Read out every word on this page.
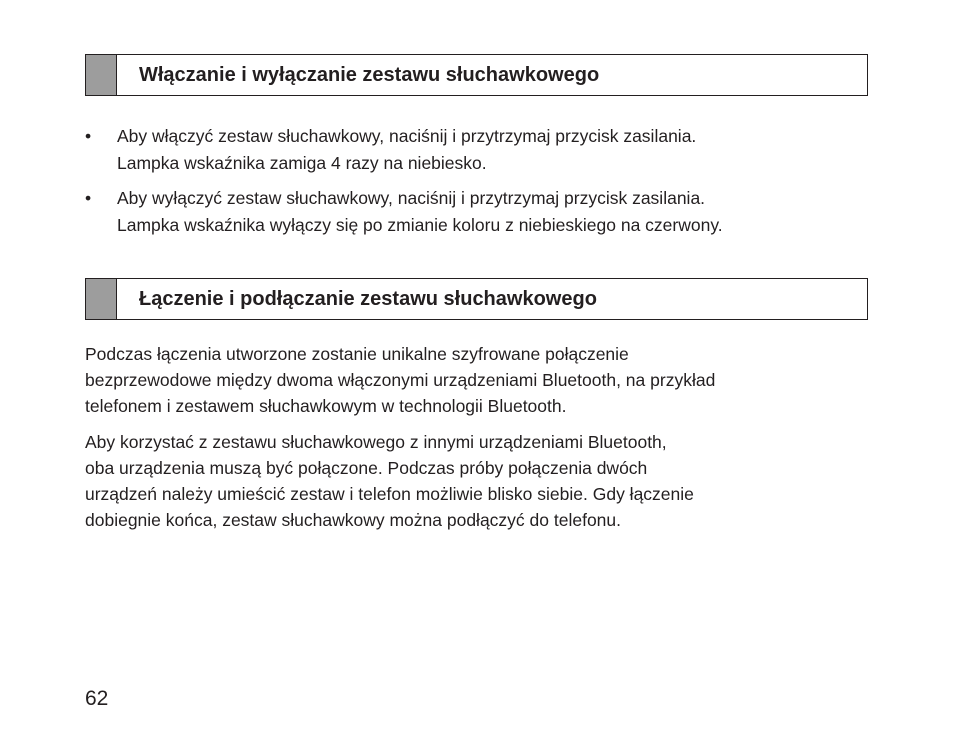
Włączanie i wyłączanie zestawu słuchawkowego
• Aby włączyć zestaw słuchawkowy, naciśnij i przytrzymaj przycisk zasilania.
Lampka wskaźnika zamiga 4 razy na niebiesko.
• Aby wyłączyć zestaw słuchawkowy, naciśnij i przytrzymaj przycisk zasilania.
Lampka wskaźnika wyłączy się po zmianie koloru z niebieskiego na czerwony.
Łączenie i podłączanie zestawu słuchawkowego
Podczas łączenia utworzone zostanie unikalne szyfrowane połączenie
bezprzewodowe między dwoma włączonymi urządzeniami Bluetooth, na przykład
telefonem i zestawem słuchawkowym w technologii Bluetooth.
Aby korzystać z zestawu słuchawkowego z innymi urządzeniami Bluetooth,
oba urządzenia muszą być połączone. Podczas próby połączenia dwóch
urządzeń należy umieścić zestaw i telefon możliwie blisko siebie. Gdy łączenie
dobiegnie końca, zestaw słuchawkowy można podłączyć do telefonu.
62
